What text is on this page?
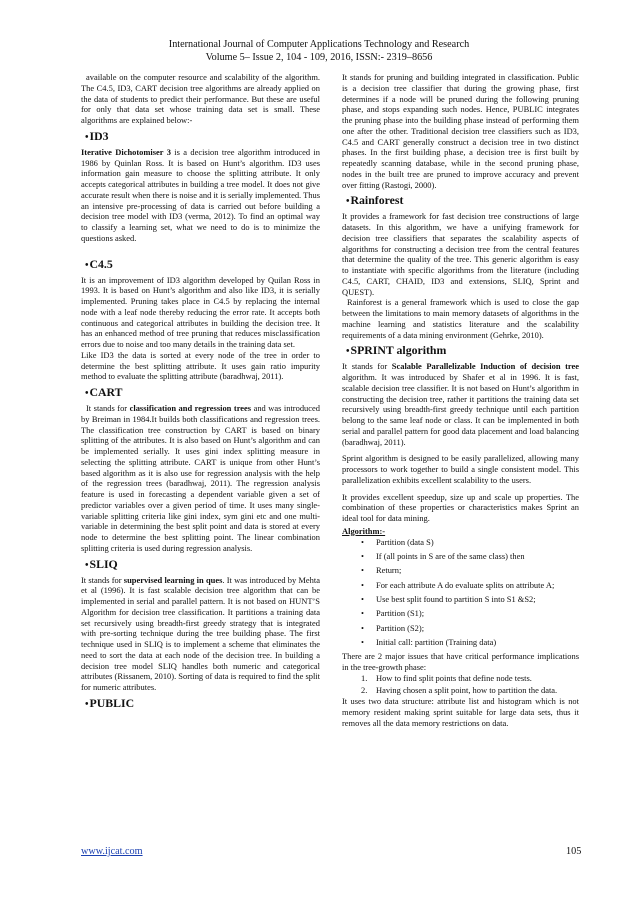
International Journal of Computer Applications Technology and Research
Volume 5– Issue 2, 104 - 109, 2016, ISSN:- 2319–8656

available on the computer resource and scalability of the algorithm. The C4.5, ID3, CART decision tree algorithms are already applied on the data of students to predict their performance. But these are useful for only that data set whose training data set is small. These algorithms are explained below:-

•ID3

Iterative Dichotomiser 3 is a decision tree algorithm introduced in 1986 by Quinlan Ross. It is based on Hunt’s algorithm. ID3 uses information gain measure to choose the splitting attribute. It only accepts categorical attributes in building a tree model. It does not give accurate result when there is noise and it is serially implemented. Thus an intensive pre-processing of data is carried out before building a decision tree model with ID3 (verma, 2012). To find an optimal way to classify a learning set, what we need to do is to minimize the questions asked.

•C4.5

It is an improvement of ID3 algorithm developed by Quilan Ross in 1993. It is based on Hunt’s algorithm and also like ID3, it is serially implemented. Pruning takes place in C4.5 by replacing the internal node with a leaf node thereby reducing the error rate. It accepts both continuous and categorical attributes in building the decision tree. It has an enhanced method of tree pruning that reduces misclassification errors due to noise and too many details in the training data set.

Like ID3 the data is sorted at every node of the tree in order to determine the best splitting attribute. It uses gain ratio impurity method to evaluate the splitting attribute (baradhwaj, 2011).

•CART

It stands for classification and regression trees and was introduced by Breiman in 1984.It builds both classifications and regression trees. The classification tree construction by CART is based on binary splitting of the attributes. It is also based on Hunt’s algorithm and can be implemented serially. It uses gini index splitting measure in selecting the splitting attribute. CART is unique from other Hunt’s based algorithm as it is also use for regression analysis with the help of the regression trees (baradhwaj, 2011). The regression analysis feature is used in forecasting a dependent variable given a set of predictor variables over a given period of time. It uses many single-variable splitting criteria like gini index, sym gini etc and one multi-variable in determining the best split point and data is stored at every node to determine the best splitting point. The linear combination splitting criteria is used during regression analysis.

•SLIQ

It stands for supervised learning in ques. It was introduced by Mehta et al (1996). It is fast scalable decision tree algorithm that can be implemented in serial and parallel pattern. It is not based on HUNT’S Algorithm for decision tree classification. It partitions a training data set recursively using breadth-first greedy strategy that is integrated with pre-sorting technique during the tree building phase. The first technique used in SLIQ is to implement a scheme that eliminates the need to sort the data at each node of the decision tree. In building a decision tree model SLIQ handles both numeric and categorical attributes (Rissanem, 2010). Sorting of data is required to find the split for numeric attributes.

•PUBLIC

It stands for pruning and building integrated in classification. Public is a decision tree classifier that during the growing phase, first determines if a node will be pruned during the following pruning phase, and stops expanding such nodes. Hence, PUBLIC integrates the pruning phase into the building phase instead of performing them one after the other. Traditional decision tree classifiers such as ID3, C4.5 and CART generally construct a decision tree in two distinct phases. In the first building phase, a decision tree is first built by repeatedly scanning database, while in the second pruning phase, nodes in the built tree are pruned to improve accuracy and prevent over fitting (Rastogi, 2000).

•Rainforest

It provides a framework for fast decision tree constructions of large datasets. In this algorithm, we have a unifying framework for decision tree classifiers that separates the scalability aspects of algorithms for constructing a decision tree from the central features that determine the quality of the tree. This generic algorithm is easy to instantiate with specific algorithms from the literature (including C4.5, CART, CHAID, ID3 and extensions, SLIQ, Sprint and QUEST).

Rainforest is a general framework which is used to close the gap between the limitations to main memory datasets of algorithms in the machine learning and statistics literature and the scalability requirements of a data mining environment (Gehrke, 2010).

•SPRINT algorithm

It stands for Scalable Parallelizable Induction of decision tree algorithm. It was introduced by Shafer et al in 1996. It is fast, scalable decision tree classifier. It is not based on Hunt’s algorithm in constructing the decision tree, rather it partitions the training data set recursively using breadth-first greedy technique until each partition belong to the same leaf node or class. It can be implemented in both serial and parallel pattern for good data placement and load balancing (baradhwaj, 2011).

Sprint algorithm is designed to be easily parallelized, allowing many processors to work together to build a single consistent model. This parallelization exhibits excellent scalability to the users.

It provides excellent speedup, size up and scale up properties. The combination of these properties or characteristics makes Sprint an ideal tool for data mining.

Algorithm:-
• Partition (data S)
• If (all points in S are of the same class) then
• Return;
• For each attribute A do evaluate splits on attribute A;
• Use best split found to partition S into S1 &S2;
• Partition (S1);
• Partition (S2);
• Initial call: partition (Training data)

There are 2 major issues that have critical performance implications in the tree-growth phase:

1. How to find split points that define node tests.
2. Having chosen a split point, how to partition the data.

It uses two data structure: attribute list and histogram which is not memory resident making sprint suitable for large data sets, thus it removes all the data memory restrictions on data.

www.ijcat.com	105
